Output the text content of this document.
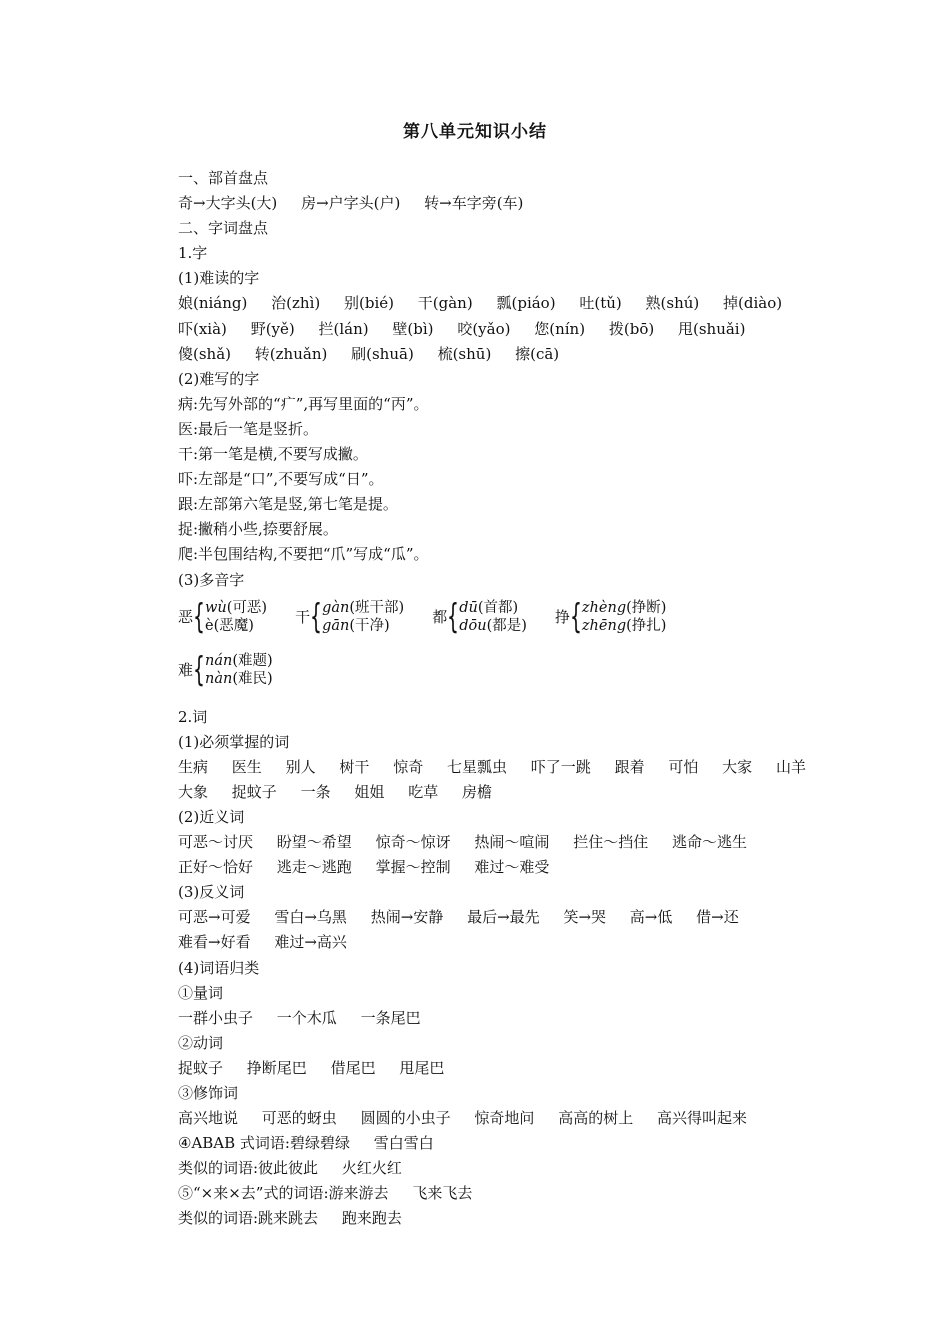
第八单元知识小结
一、部首盘点
奇→大字头(大) 房→户字头(户) 转→车字旁(车)
二、字词盘点
1.字
(1)难读的字
娘(niáng) 治(zhì) 别(bié) 干(gàn) 瓢(piáo) 吐(tǔ) 熟(shú) 掉(diào)
吓(xià) 野(yě) 拦(lán) 壁(bì) 咬(yǎo) 您(nín) 拨(bō) 甩(shuǎi)
傻(shǎ) 转(zhuǎn) 刷(shuā) 梳(shū) 擦(cā)
(2)难写的字
病:先写外部的“疒”,再写里面的“丙”。
医:最后一笔是竖折。
干:第一笔是横,不要写成撇。
吓:左部是“口”,不要写成“日”。
跟:左部第六笔是竖,第七笔是提。
捉:撇稍小些,捺要舒展。
爬:半包围结构,不要把“爪”写成“瓜”。
(3)多音字
恶 { wù(可恶)
è(恶魔)	干 { gàn(班干部)
gān(干净)	都 { dū(首都)
dōu(都是) 挣 { zhèng(挣断)
zhēng(挣扎)
难 { nán(难题)
nàn(难民)
2.词
(1)必须掌握的词
生病 医生 别人 树干 惊奇 七星瓢虫 吓了一跳 跟着 可怕 大家 山羊
大象 捉蚊子 一条 姐姐 吃草 房檐
(2)近义词
可恶～讨厌 盼望～希望 惊奇～惊讶 热闹～喧闹 拦住～挡住 逃命～逃生
正好～恰好 逃走～逃跑 掌握～控制 难过～难受
(3)反义词
可恶→可爱 雪白→乌黑 热闹→安静 最后→最先 笑→哭 高→低 借→还
难看→好看 难过→高兴
(4)词语归类
①量词
一群小虫子 一个木瓜 一条尾巴
②动词
捉蚊子 挣断尾巴 借尾巴 甩尾巴
③修饰词
高兴地说 可恶的蚜虫 圆圆的小虫子 惊奇地问 高高的树上 高兴得叫起来
④ABAB 式词语:碧绿碧绿 雪白雪白
类似的词语:彼此彼此 火红火红
⑤“×来×去”式的词语:游来游去 飞来飞去
类似的词语:跳来跳去 跑来跑去
